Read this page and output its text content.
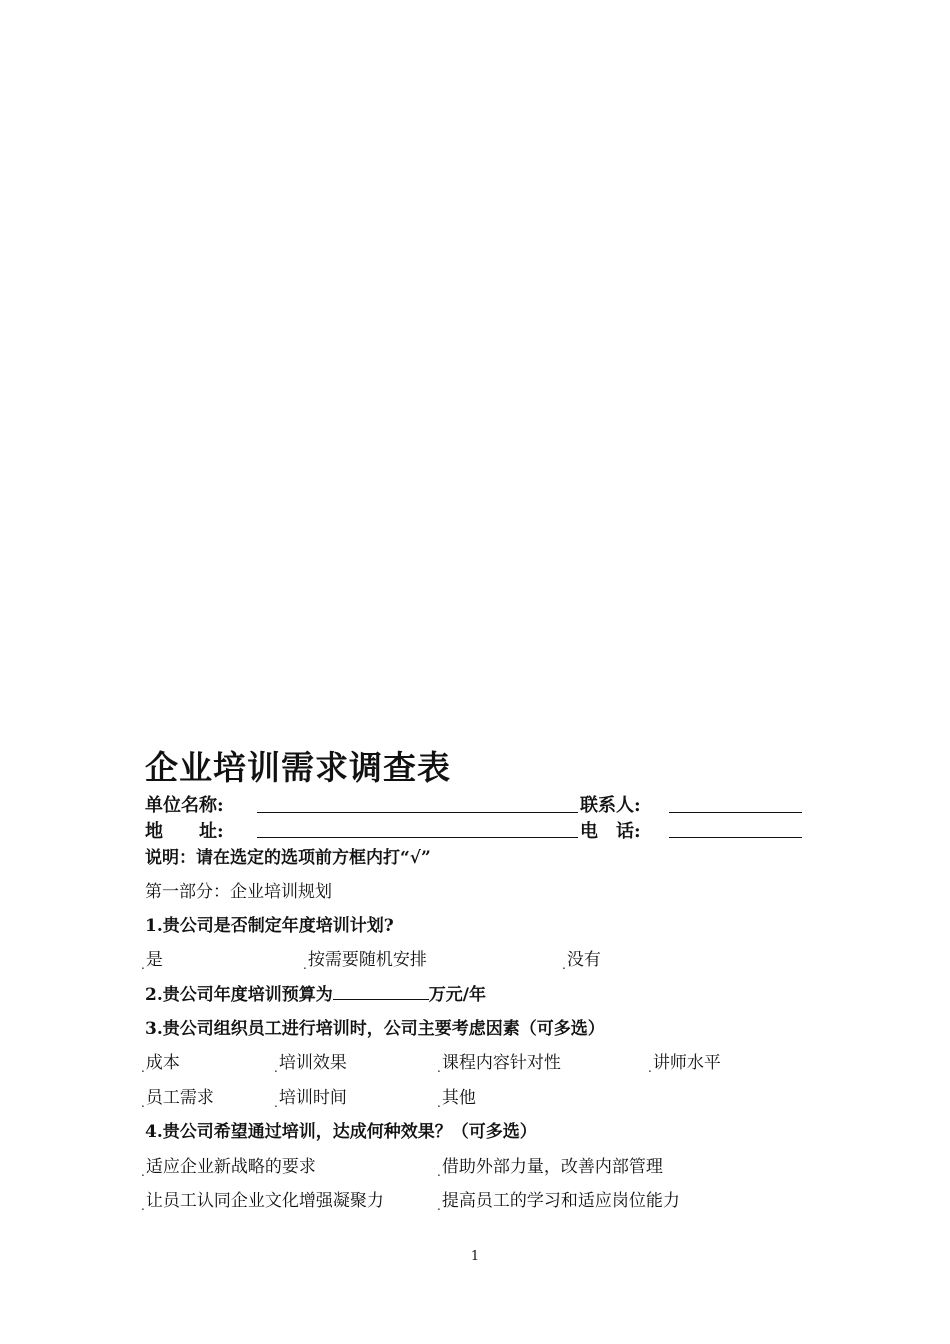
企业培训需求调查表
单位名称:	联系人:
地　　址:	电　话:
说明：请在选定的选项前方框内打“√”
第一部分：企业培训规划
1.贵公司是否制定年度培训计划?
$_.$是	$_.$按需要随机安排	$_.$没有
2.贵公司年度培训预算为	万元/年
3.贵公司组织员工进行培训时，公司主要考虑因素（可多选）
$_.$成本	$_.$培训效果	$_.$课程内容针对性	$_.$讲师水平
$_.$员工需求	$_.$培训时间	$_.$其他
4.贵公司希望通过培训，达成何种效果？（可多选）
$_.$适应企业新战略的要求	$_.$借助外部力量，改善内部管理
$_.$让员工认同企业文化增强凝聚力	$_.$提高员工的学习和适应岗位能力
1
